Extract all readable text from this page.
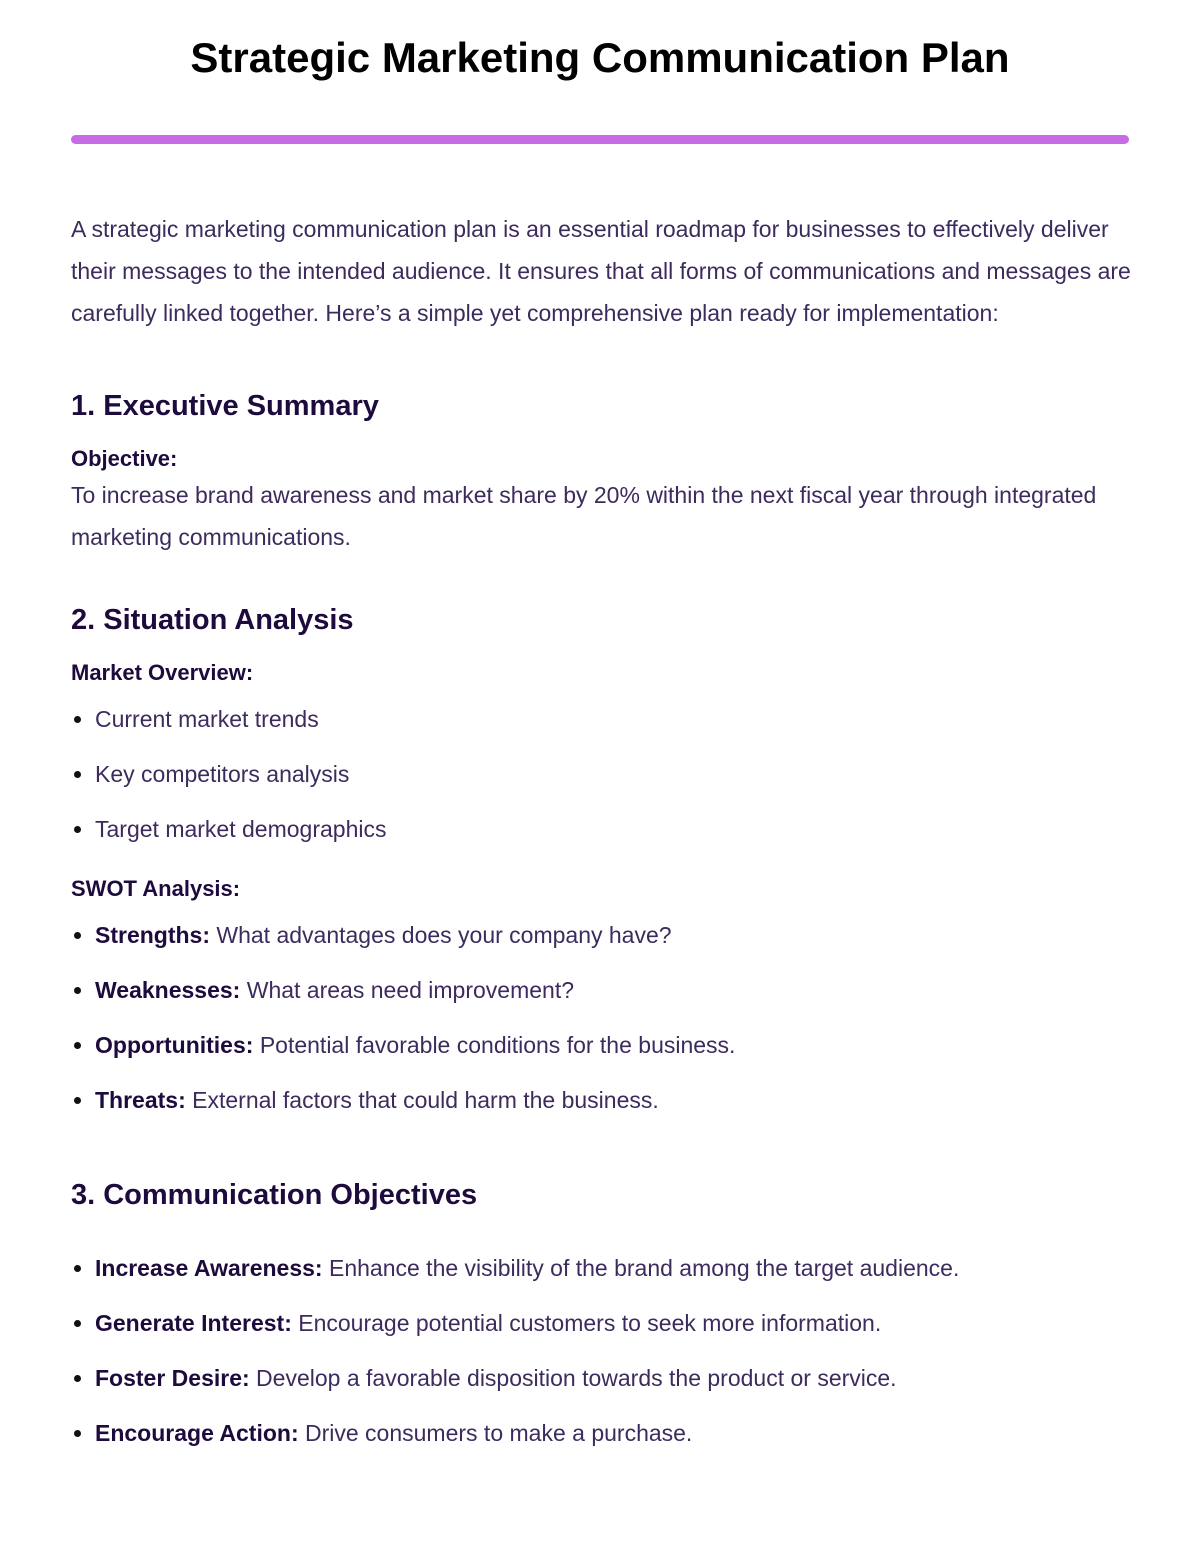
Strategic Marketing Communication Plan

A strategic marketing communication plan is an essential roadmap for businesses to effectively deliver their messages to the intended audience. It ensures that all forms of communications and messages are carefully linked together. Here’s a simple yet comprehensive plan ready for implementation:

1. Executive Summary

Objective:

To increase brand awareness and market share by 20% within the next fiscal year through integrated marketing communications.

2. Situation Analysis

Market Overview:

Current market trends
Key competitors analysis
Target market demographics

SWOT Analysis:

Strengths: What advantages does your company have?
Weaknesses: What areas need improvement?
Opportunities: Potential favorable conditions for the business.
Threats: External factors that could harm the business.
3. Communication Objectives
Increase Awareness: Enhance the visibility of the brand among the target audience.
Generate Interest: Encourage potential customers to seek more information.
Foster Desire: Develop a favorable disposition towards the product or service.
Encourage Action: Drive consumers to make a purchase.
